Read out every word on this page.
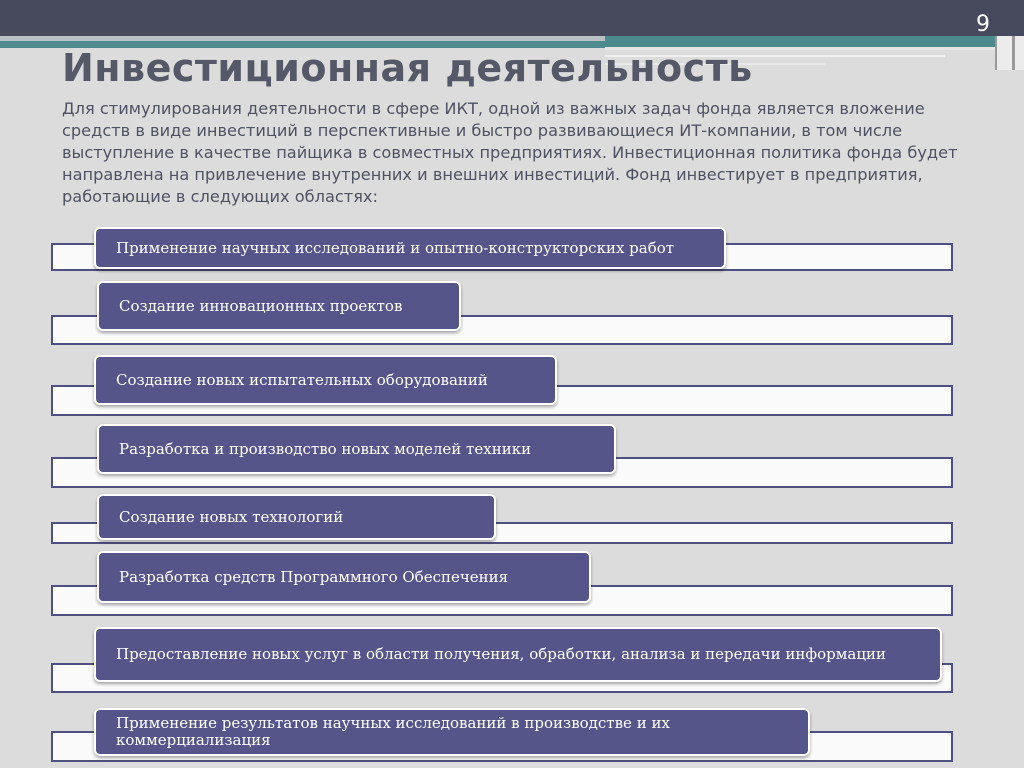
9
Инвестиционная деятельность

Для стимулирования деятельности в сфере ИКТ, одной из важных задач фонда является вложение средств в виде инвестиций в перспективные и быстро развивающиеся ИТ-компании, в том числе выступление в качестве пайщика в совместных предприятиях. Инвестиционная политика фонда будет направлена на привлечение внутренних и внешних инвестиций. Фонд инвестирует в предприятия, работающие в следующих областях:

Применение научных исследований и опытно-конструкторских работ
Создание инновационных проектов
Создание новых испытательных оборудований
Разработка и производство новых моделей техники
Создание новых технологий
Разработка средств Программного Обеспечения
Предоставление новых услуг в области получения, обработки, анализа и передачи информации
Применение результатов научных исследований в производстве и их коммерциализация
